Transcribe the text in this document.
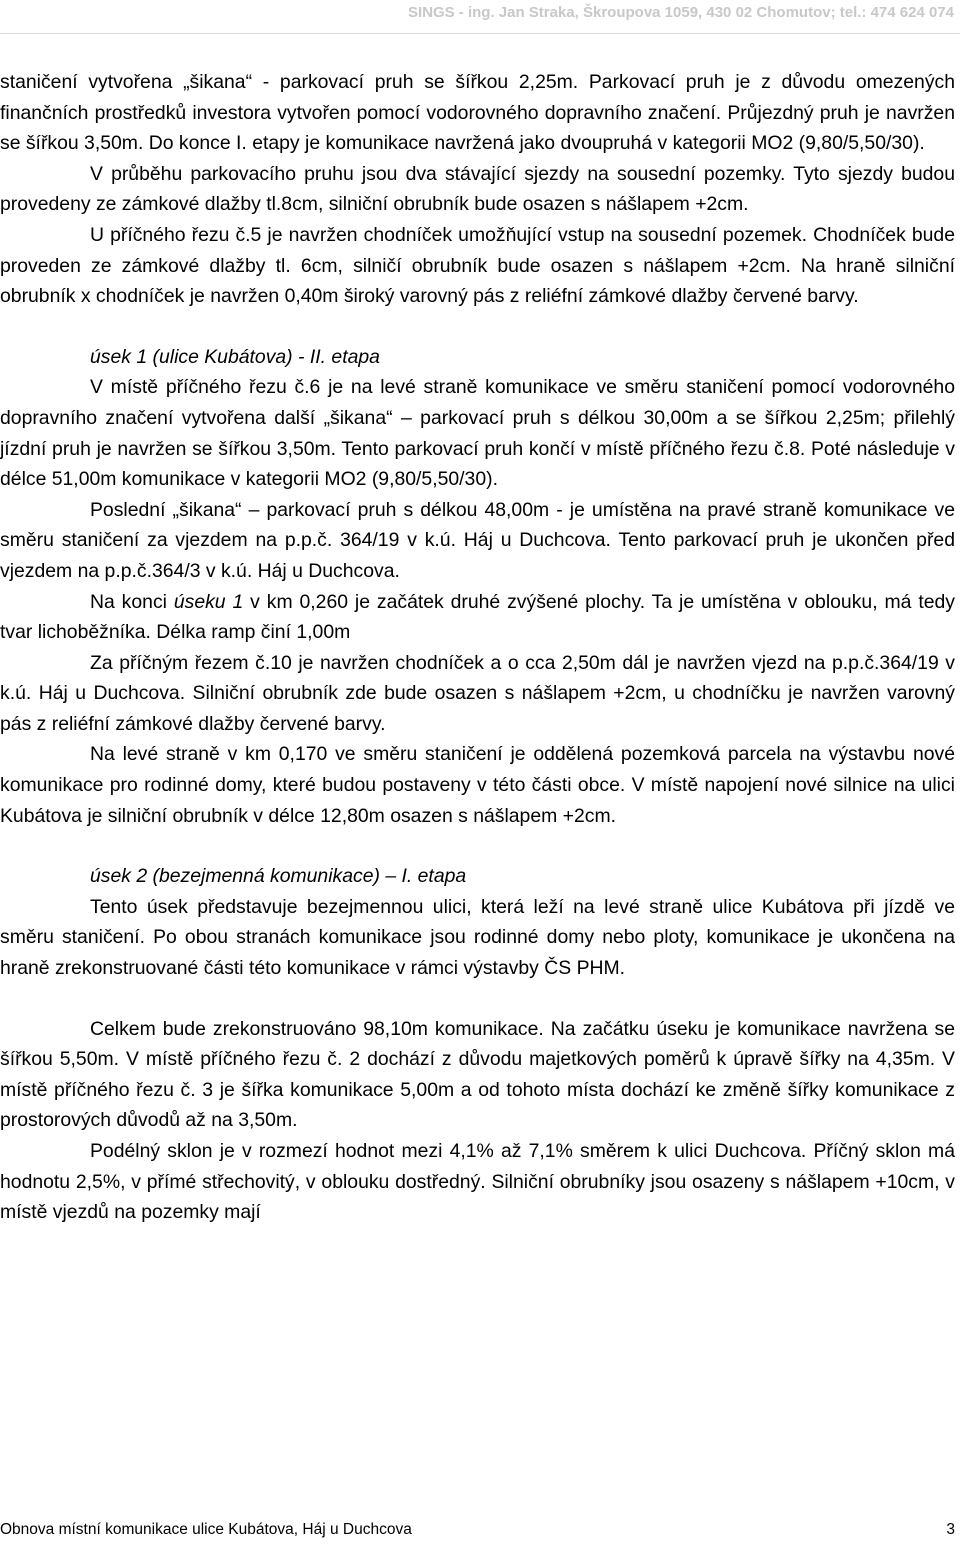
SINGS - ing. Jan Straka, Škroupova 1059, 430 02 Chomutov; tel.: 474 624 074

staničení vytvořena „šikana“ - parkovací pruh se šířkou 2,25m. Parkovací pruh je z důvodu omezených finančních prostředků investora vytvořen pomocí vodorovného dopravního značení. Průjezdný pruh je navržen se šířkou 3,50m. Do konce I. etapy je komunikace navržená jako dvoupruhá v kategorii MO2 (9,80/5,50/30).

V průběhu parkovacího pruhu jsou dva stávající sjezdy na sousední pozemky. Tyto sjezdy budou provedeny ze zámkové dlažby tl.8cm, silniční obrubník bude osazen s nášlapem +2cm.

U příčného řezu č.5 je navržen chodníček umožňující vstup na sousední pozemek. Chodníček bude proveden ze zámkové dlažby tl. 6cm, silničí obrubník bude osazen s nášlapem +2cm. Na hraně silniční obrubník x chodníček je navržen 0,40m široký varovný pás z reliéfní zámkové dlažby červené barvy.

úsek 1 (ulice Kubátova) - II. etapa

V místě příčného řezu č.6 je na levé straně komunikace ve směru staničení pomocí vodorovného dopravního značení vytvořena další „šikana“ – parkovací pruh s délkou 30,00m a se šířkou 2,25m; přilehlý jízdní pruh je navržen se šířkou 3,50m. Tento parkovací pruh končí v místě příčného řezu č.8. Poté následuje v délce 51,00m komunikace v kategorii MO2 (9,80/5,50/30).

Poslední „šikana“ – parkovací pruh s délkou 48,00m - je umístěna na pravé straně komunikace ve směru staničení za vjezdem na p.p.č. 364/19 v k.ú. Háj u Duchcova. Tento parkovací pruh je ukončen před vjezdem na p.p.č.364/3 v k.ú. Háj u Duchcova.

Na konci úseku 1 v km 0,260 je začátek druhé zvýšené plochy. Ta je umístěna v oblouku, má tedy tvar lichoběžníka. Délka ramp činí 1,00m

Za příčným řezem č.10 je navržen chodníček a o cca 2,50m dál je navržen vjezd na p.p.č.364/19 v k.ú. Háj u Duchcova. Silniční obrubník zde bude osazen s nášlapem +2cm, u chodníčku je navržen varovný pás z reliéfní zámkové dlažby červené barvy.

Na levé straně v km 0,170 ve směru staničení je oddělená pozemková parcela na výstavbu nové komunikace pro rodinné domy, které budou postaveny v této části obce. V místě napojení nové silnice na ulici Kubátova je silniční obrubník v délce 12,80m osazen s nášlapem +2cm.

úsek 2 (bezejmenná komunikace) – I. etapa

Tento úsek představuje bezejmennou ulici, která leží na levé straně ulice Kubátova při jízdě ve směru staničení. Po obou stranách komunikace jsou rodinné domy nebo ploty, komunikace je ukončena na hraně zrekonstruované části této komunikace v rámci výstavby ČS PHM.

Celkem bude zrekonstruováno 98,10m komunikace. Na začátku úseku je komunikace navržena se šířkou 5,50m. V místě příčného řezu č. 2 dochází z důvodu majetkových poměrů k úpravě šířky na 4,35m. V místě příčného řezu č. 3 je šířka komunikace 5,00m a od tohoto místa dochází ke změně šířky komunikace z prostorových důvodů až na 3,50m.

Podélný sklon je v rozmezí hodnot mezi 4,1% až 7,1% směrem k ulici Duchcova. Příčný sklon má hodnotu 2,5%, v přímé střechovitý, v oblouku dostředný. Silniční obrubníky jsou osazeny s nášlapem +10cm, v místě vjezdů na pozemky mají

Obnova místní komunikace ulice Kubátova, Háj u Duchcova	3
